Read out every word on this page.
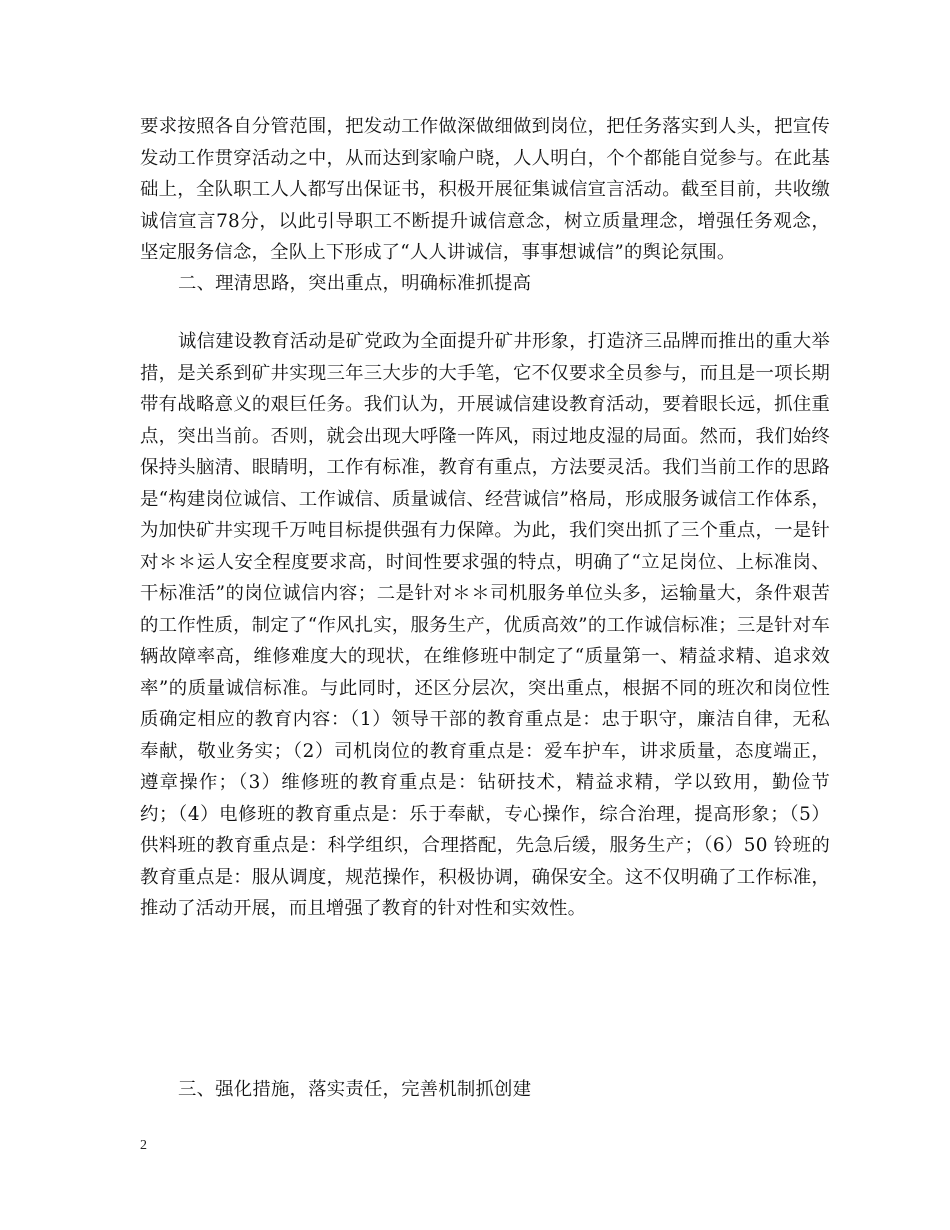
要求按照各自分管范围，把发动工作做深做细做到岗位，把任务落实到人头，把宣传发动工作贯穿活动之中，从而达到家喻户晓，人人明白，个个都能自觉参与。在此基础上，全队职工人人都写出保证书，积极开展征集诚信宣言活动。截至目前，共收缴诚信宣言78分，以此引导职工不断提升诚信意念，树立质量理念，增强任务观念，坚定服务信念，全队上下形成了“人人讲诚信，事事想诚信”的舆论氛围。

二、理清思路，突出重点，明确标准抓提高

诚信建设教育活动是矿党政为全面提升矿井形象，打造济三品牌而推出的重大举措，是关系到矿井实现三年三大步的大手笔，它不仅要求全员参与，而且是一项长期带有战略意义的艰巨任务。我们认为，开展诚信建设教育活动，要着眼长远，抓住重点，突出当前。否则，就会出现大呼隆一阵风，雨过地皮湿的局面。然而，我们始终保持头脑清、眼睛明，工作有标准，教育有重点，方法要灵活。我们当前工作的思路是“构建岗位诚信、工作诚信、质量诚信、经营诚信”格局，形成服务诚信工作体系，为加快矿井实现千万吨目标提供强有力保障。为此，我们突出抓了三个重点，一是针对＊＊运人安全程度要求高，时间性要求强的特点，明确了“立足岗位、上标准岗、干标准活”的岗位诚信内容；二是针对＊＊司机服务单位头多，运输量大，条件艰苦的工作性质，制定了“作风扎实，服务生产，优质高效”的工作诚信标准；三是针对车辆故障率高，维修难度大的现状，在维修班中制定了“质量第一、精益求精、追求效率”的质量诚信标准。与此同时，还区分层次，突出重点，根据不同的班次和岗位性质确定相应的教育内容：（1）领导干部的教育重点是：忠于职守，廉洁自律，无私奉献，敬业务实；（2）司机岗位的教育重点是：爱车护车，讲求质量，态度端正，遵章操作；（3）维修班的教育重点是：钻研技术，精益求精，学以致用，勤俭节约；（4）电修班的教育重点是：乐于奉献，专心操作，综合治理，提高形象；（5）供料班的教育重点是：科学组织，合理搭配，先急后缓，服务生产；（6）50 铃班的教育重点是：服从调度，规范操作，积极协调，确保安全。这不仅明确了工作标准，推动了活动开展，而且增强了教育的针对性和实效性。

三、强化措施，落实责任，完善机制抓创建

2
